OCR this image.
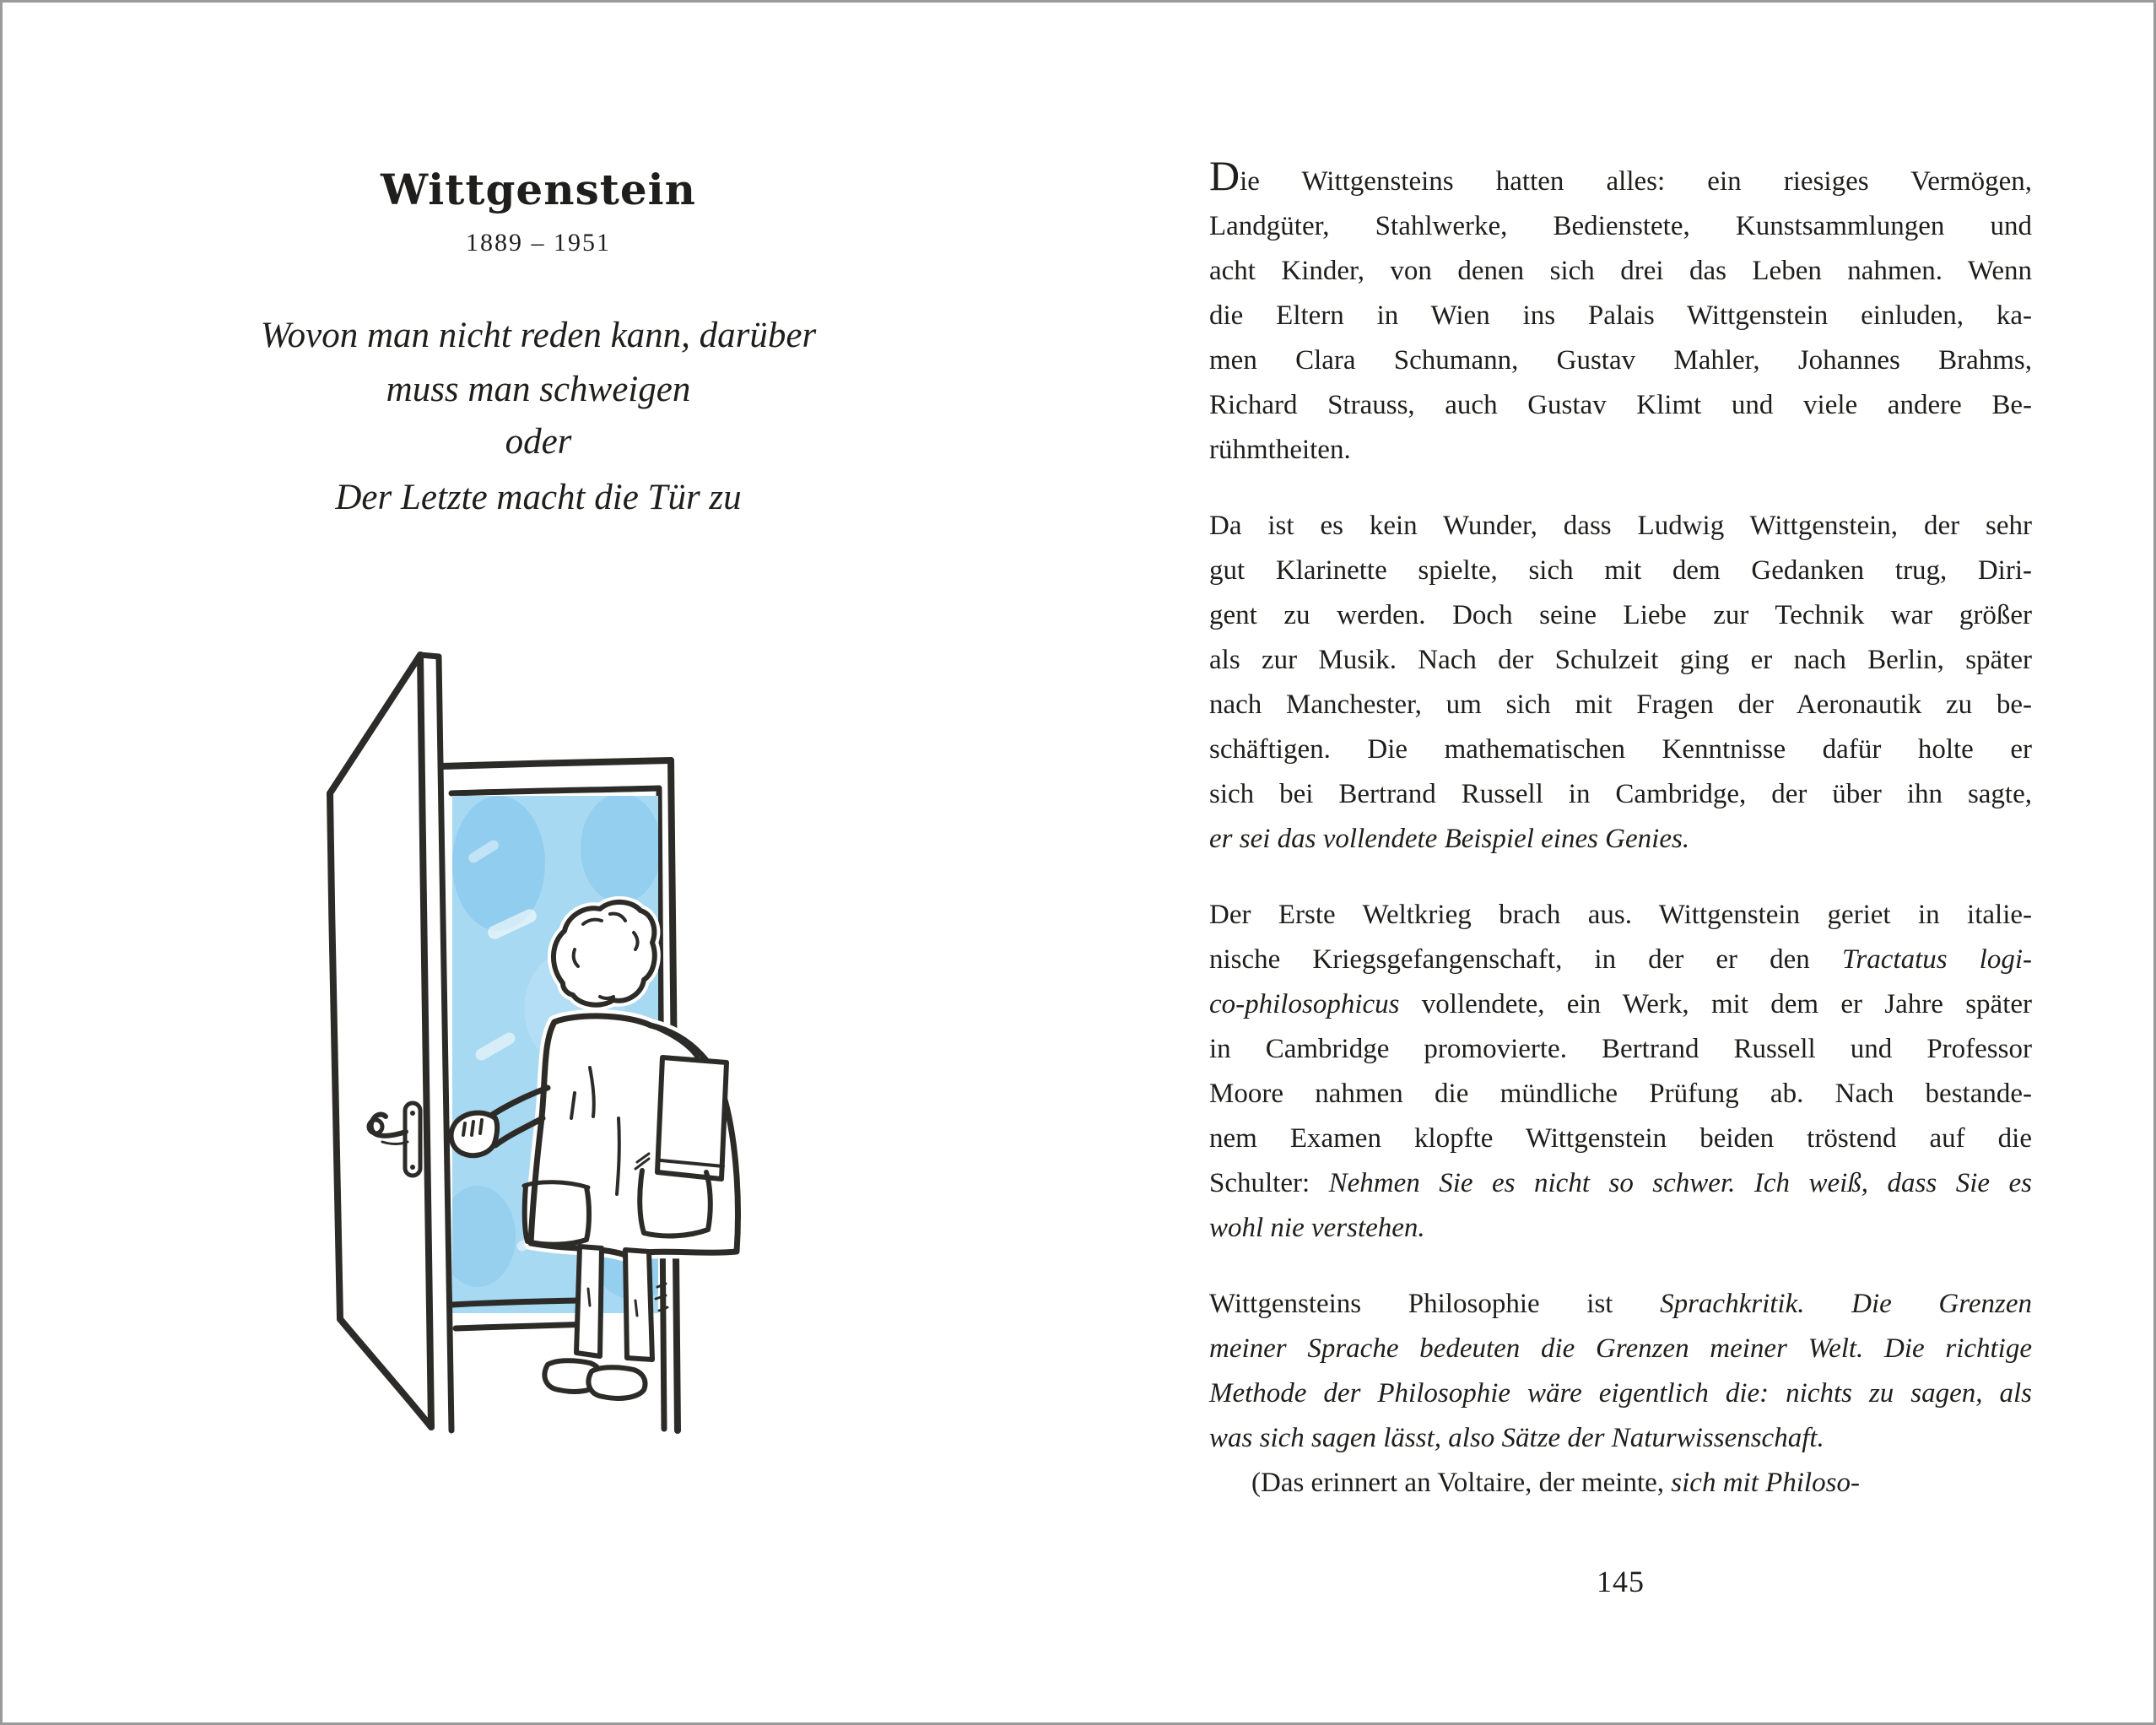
Wittgenstein
1889 – 1951
Wovon man nicht reden kann, darüber
muss man schweigen
oder
Der Letzte macht die Tür zu
Die Wittgensteins hatten alles: ein riesiges Vermögen,
Landgüter, Stahlwerke, Bedienstete, Kunstsammlungen und
acht Kinder, von denen sich drei das Leben nahmen. Wenn
die Eltern in Wien ins Palais Wittgenstein einluden, ka-
men Clara Schumann, Gustav Mahler, Johannes Brahms,
Richard Strauss, auch Gustav Klimt und viele andere Be-
rühmtheiten.
Da ist es kein Wunder, dass Ludwig Wittgenstein, der sehr
gut Klarinette spielte, sich mit dem Gedanken trug, Diri-
gent zu werden. Doch seine Liebe zur Technik war größer
als zur Musik. Nach der Schulzeit ging er nach Berlin, später
nach Manchester, um sich mit Fragen der Aeronautik zu be-
schäftigen. Die mathematischen Kenntnisse dafür holte er
sich bei Bertrand Russell in Cambridge, der über ihn sagte,
er sei das vollendete Beispiel eines Genies.
Der Erste Weltkrieg brach aus. Wittgenstein geriet in italie-
nische Kriegsgefangenschaft, in der er den Tractatus logi-
co-philosophicus vollendete, ein Werk, mit dem er Jahre später
in Cambridge promovierte. Bertrand Russell und Professor
Moore nahmen die mündliche Prüfung ab. Nach bestande-
nem Examen klopfte Wittgenstein beiden tröstend auf die
Schulter: Nehmen Sie es nicht so schwer. Ich weiß, dass Sie es
wohl nie verstehen.
Wittgensteins Philosophie ist Sprachkritik. Die Grenzen
meiner Sprache bedeuten die Grenzen meiner Welt. Die richtige
Methode der Philosophie wäre eigentlich die: nichts zu sagen, als
was sich sagen lässt, also Sätze der Naturwissenschaft.
(Das erinnert an Voltaire, der meinte, sich mit Philoso-
145
